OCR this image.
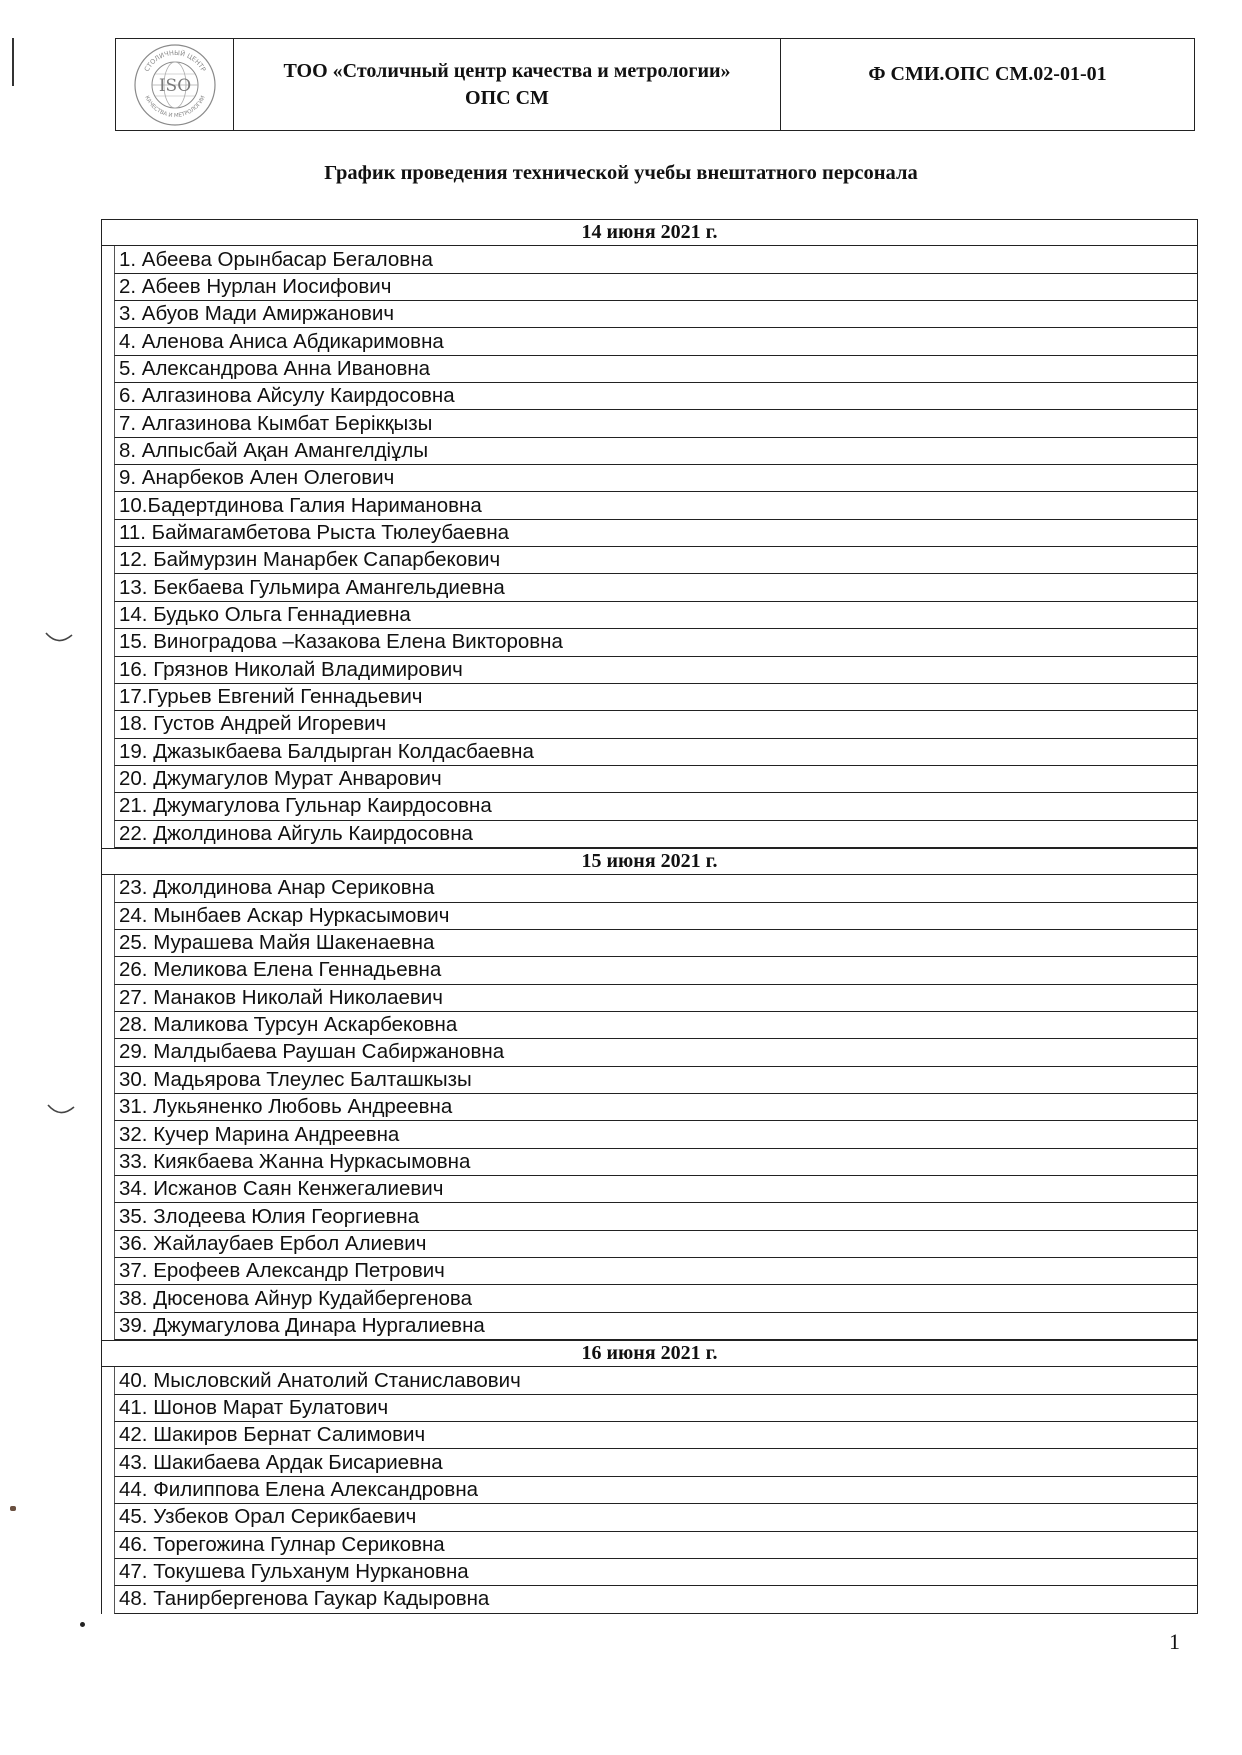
СТОЛИЧНЫЙ ЦЕНТР
КАЧЕСТВА И МЕТРОЛОГИИ
ISO
ТОО «Столичный центр качества и метрологии»
ОПС СМ
Ф СМИ.ОПС СМ.02-01-01
График проведения технической учебы внештатного персонала
14 июня 2021 г.
1. Абеева Орынбасар Бегаловна
2. Абеев Нурлан Иосифович
3. Абуов Мади Амиржанович
4. Аленова Аниса Абдикаримовна
5. Александрова Анна Ивановна
6. Алгазинова Айсулу Каирдосовна
7. Алгазинова Кымбат Берікқызы
8. Алпысбай Ақан Амангелдіұлы
9. Анарбеков Ален Олегович
10.Бадертдинова Галия Наримановна
11. Баймагамбетова Рыста Тюлеубаевна
12. Баймурзин Манарбек Сапарбекович
13. Бекбаева Гульмира Амангельдиевна
14. Будько Ольга Геннадиевна
15. Виноградова –Казакова Елена Викторовна
16. Грязнов Николай Владимирович
17.Гурьев Евгений Геннадьевич
18. Густов Андрей Игоревич
19. Джазыкбаева Балдырган Колдасбаевна
20. Джумагулов Мурат Анварович
21. Джумагулова Гульнар Каирдосовна
22. Джолдинова Айгуль Каирдосовна
15 июня 2021 г.
23. Джолдинова Анар Сериковна
24. Мынбаев Аскар Нуркасымович
25. Мурашева Майя Шакенаевна
26. Меликова Елена Геннадьевна
27. Манаков Николай Николаевич
28. Маликова Турсун Аскарбековна
29. Малдыбаева Раушан Сабиржановна
30. Мадьярова Тлеулес Балташкызы
31. Лукьяненко Любовь Андреевна
32. Кучер Марина Андреевна
33. Киякбаева Жанна Нуркасымовна
34. Исжанов Саян Кенжегалиевич
35. Злодеева Юлия Георгиевна
36. Жайлаубаев Ербол Алиевич
37. Ерофеев Александр Петрович
38. Дюсенова Айнур Кудайбергенова
39. Джумагулова Динара Нургалиевна
16 июня 2021 г.
40. Мысловский Анатолий Станиславович
41. Шонов Марат Булатович
42. Шакиров Бернат Салимович
43. Шакибаева Ардак Бисариевна
44. Филиппова Елена Александровна
45. Узбеков Орал Серикбаевич
46. Торегожина Гулнар Сериковна
47. Токушева Гульханум Нуркановна
48. Танирбергенова Гаукар Кадыровна
1
